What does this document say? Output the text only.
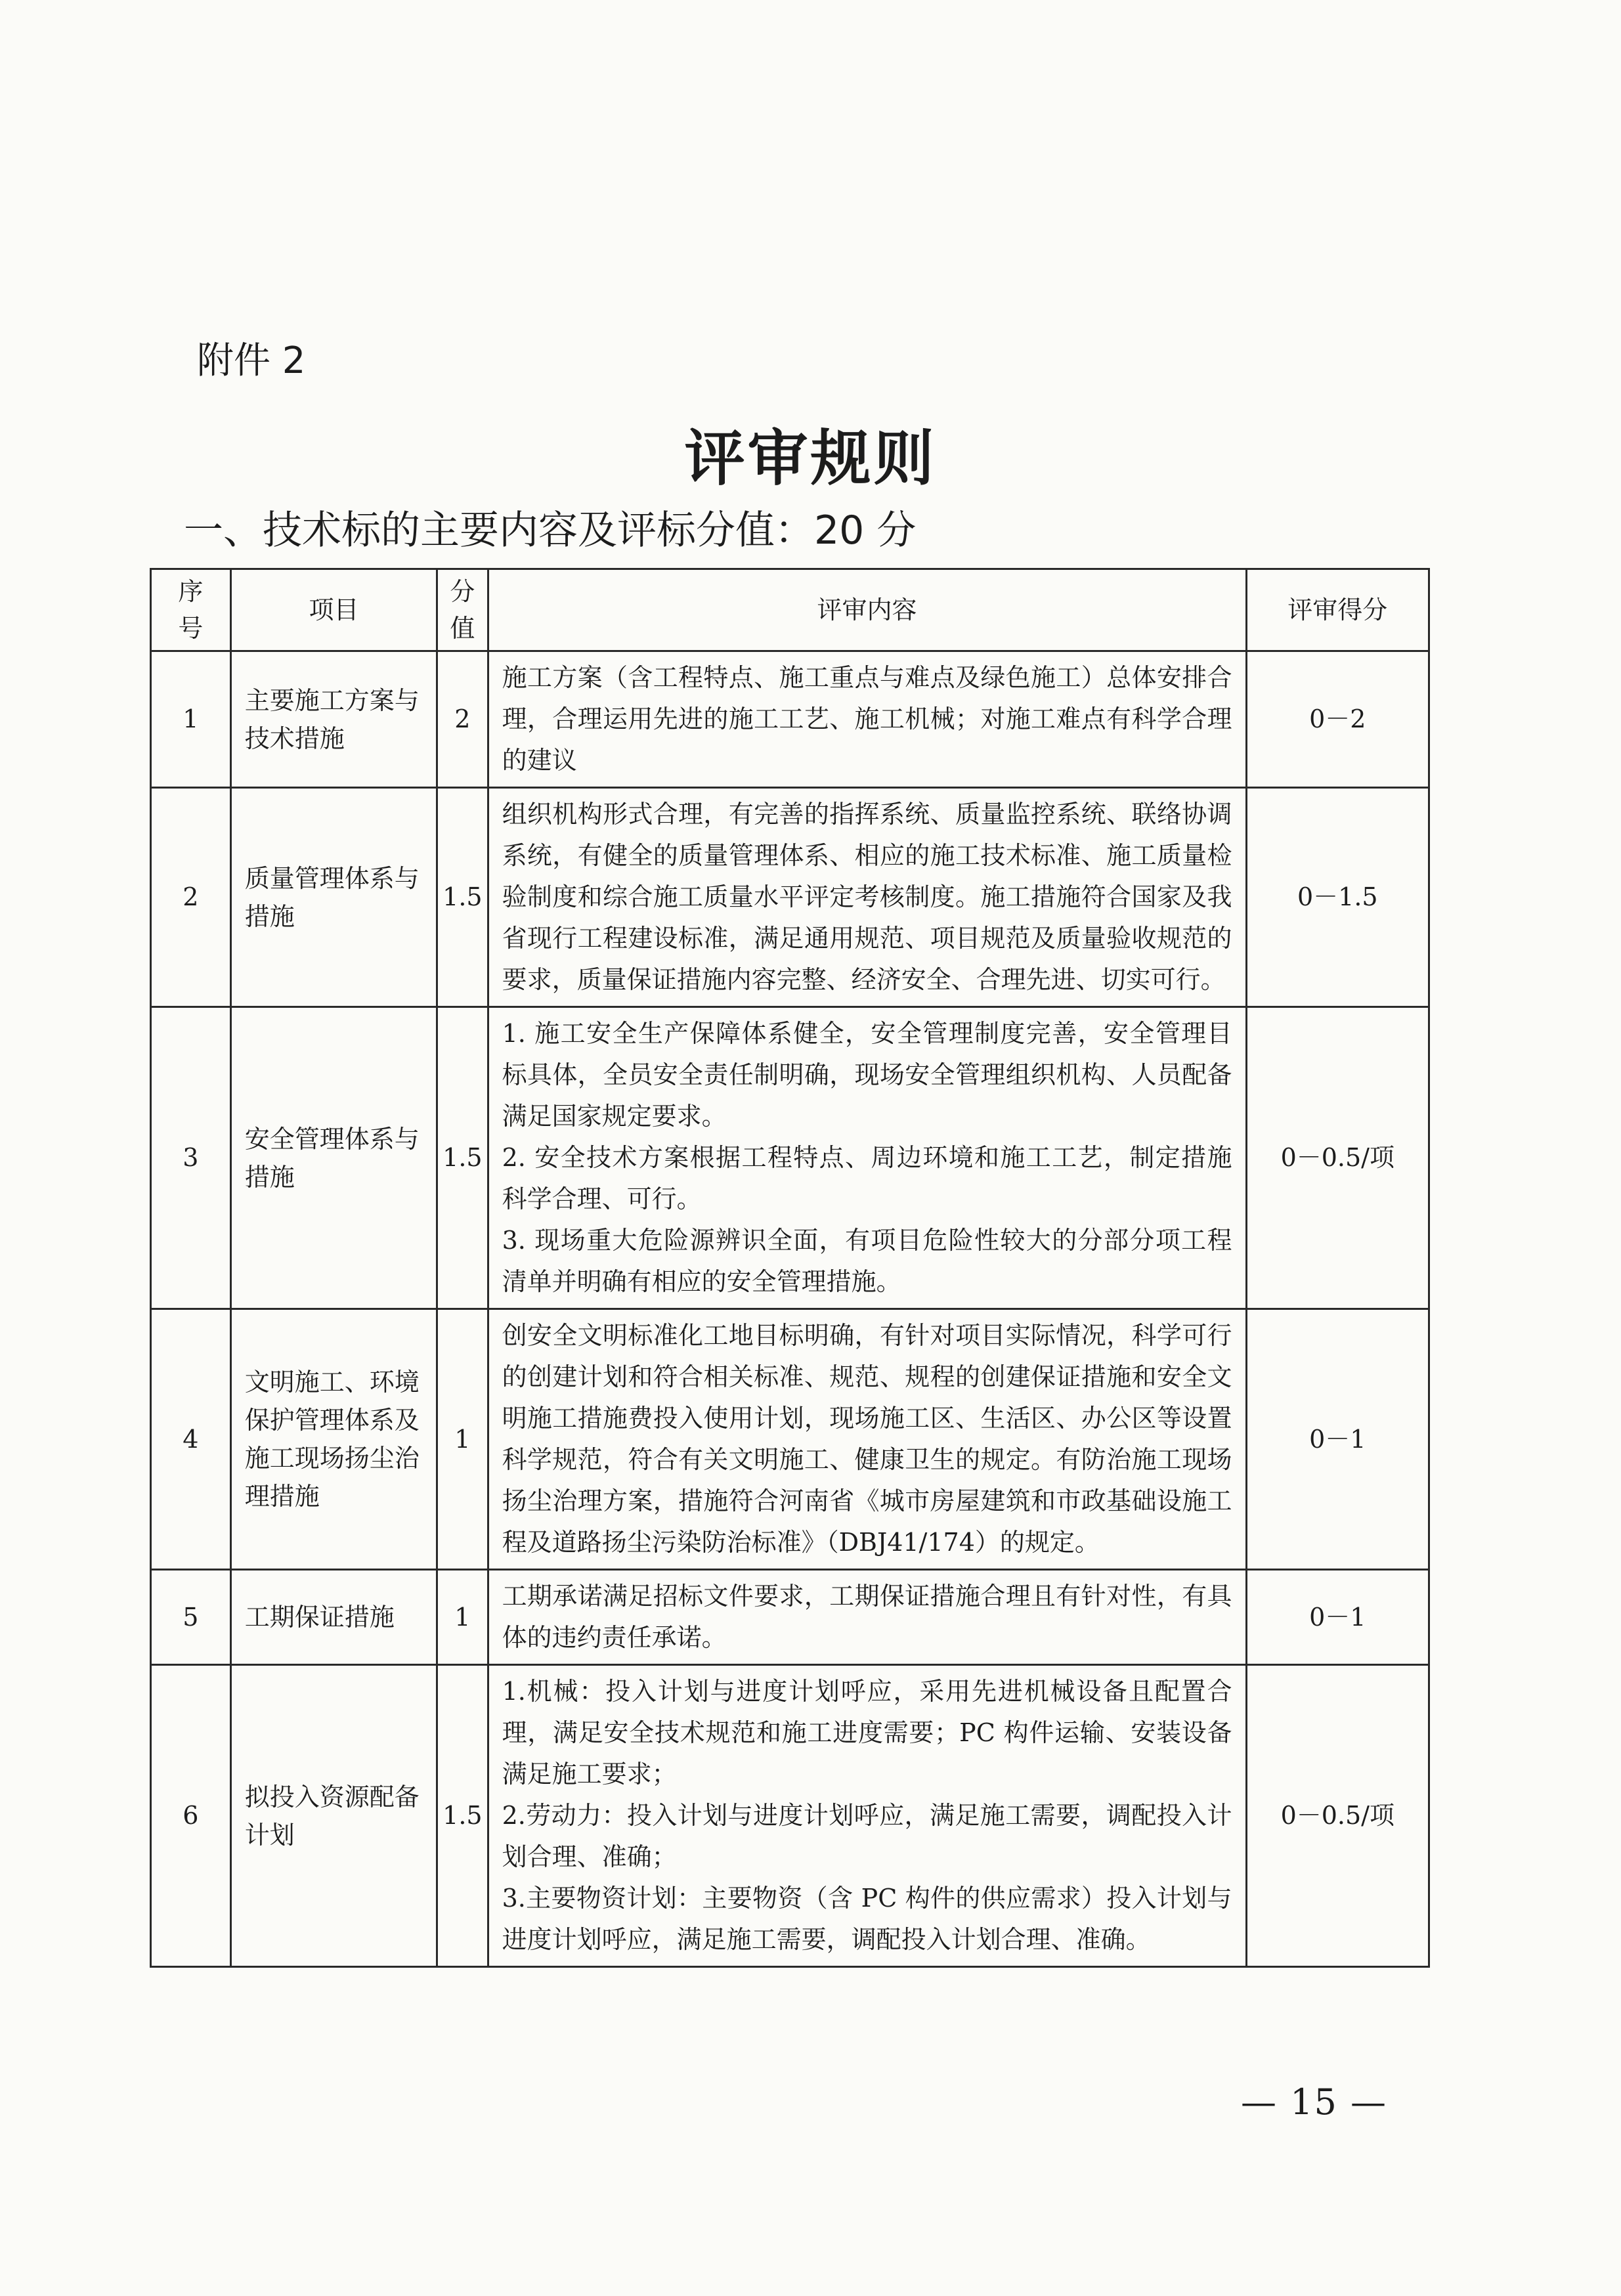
附件 2
评审规则
一、技术标的主要内容及评标分值：20 分
序号	项目	分值	评审内容	评审得分
1	主要施工方案与技术措施	2	施工方案（含工程特点、施工重点与难点及绿色施工）总体安排合理，合理运用先进的施工工艺、施工机械；对施工难点有科学合理的建议	0－2
2	质量管理体系与措施	1.5	组织机构形式合理，有完善的指挥系统、质量监控系统、联络协调系统，有健全的质量管理体系、相应的施工技术标准、施工质量检验制度和综合施工质量水平评定考核制度。施工措施符合国家及我省现行工程建设标准，满足通用规范、项目规范及质量验收规范的要求，质量保证措施内容完整、经济安全、合理先进、切实可行。	0－1.5
3	安全管理体系与措施	1.5	1. 施工安全生产保障体系健全，安全管理制度完善，安全管理目标具体，全员安全责任制明确，现场安全管理组织机构、人员配备满足国家规定要求。
2. 安全技术方案根据工程特点、周边环境和施工工艺，制定措施科学合理、可行。
3. 现场重大危险源辨识全面，有项目危险性较大的分部分项工程清单并明确有相应的安全管理措施。	0－0.5/项
4	文明施工、环境保护管理体系及施工现场扬尘治理措施	1	创安全文明标准化工地目标明确，有针对项目实际情况，科学可行的创建计划和符合相关标准、规范、规程的创建保证措施和安全文明施工措施费投入使用计划，现场施工区、生活区、办公区等设置科学规范，符合有关文明施工、健康卫生的规定。有防治施工现场扬尘治理方案，措施符合河南省《城市房屋建筑和市政基础设施工程及道路扬尘污染防治标准》（DBJ41/174）的规定。	0－1
5	工期保证措施	1	工期承诺满足招标文件要求，工期保证措施合理且有针对性，有具体的违约责任承诺。	0－1
6	拟投入资源配备计划	1.5	1.机械：投入计划与进度计划呼应，采用先进机械设备且配置合理，满足安全技术规范和施工进度需要；PC 构件运输、安装设备满足施工要求；
2.劳动力：投入计划与进度计划呼应，满足施工需要，调配投入计划合理、准确；
3.主要物资计划：主要物资（含 PC 构件的供应需求）投入计划与进度计划呼应，满足施工需要，调配投入计划合理、准确。	0－0.5/项
— 15 —
